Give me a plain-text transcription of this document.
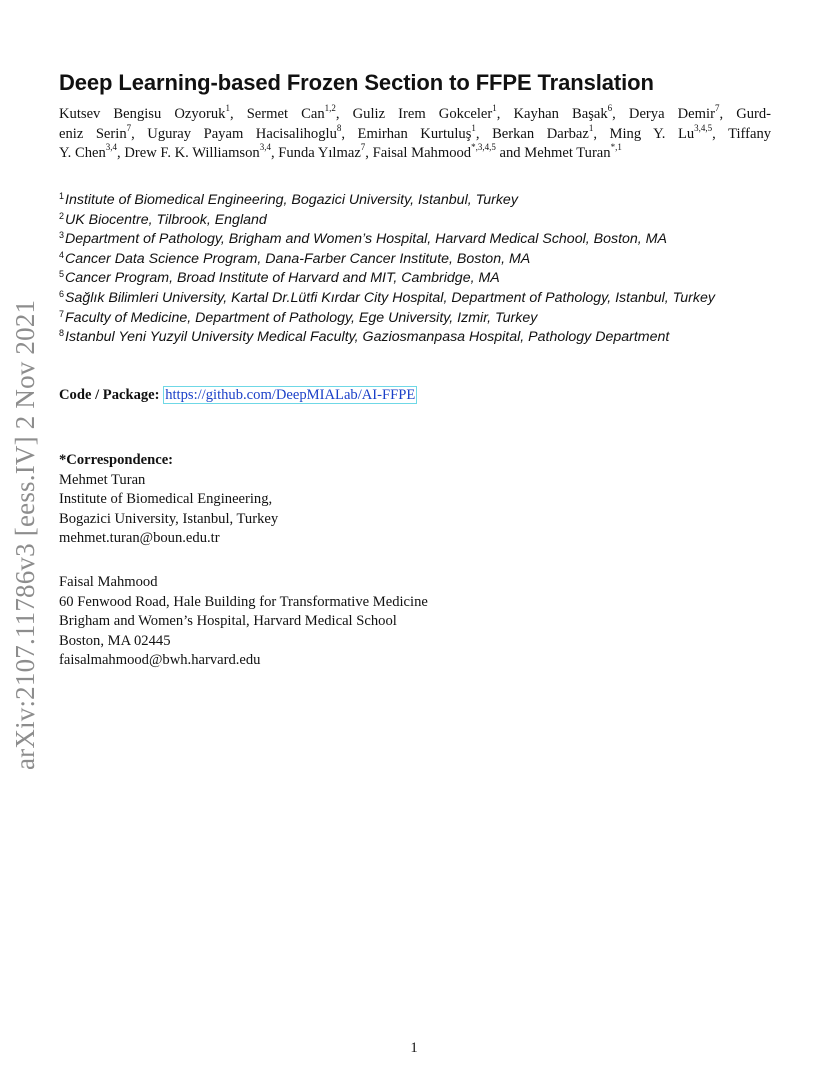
Deep Learning-based Frozen Section to FFPE Translation
Kutsev Bengisu Ozyoruk$^1$, Sermet Can$^{1,2}$, Guliz Irem Gokceler$^1$, Kayhan Başak$^6$, Derya Demir$^7$, Gurd-
eniz Serin$^7$, Uguray Payam Hacisalihoglu$^8$, Emirhan Kurtuluş$^1$, Berkan Darbaz$^1$, Ming Y. Lu$^{3,4,5}$, Tiffany
Y. Chen$^{3,4}$, Drew F. K. Williamson$^{3,4}$, Funda Yılmaz$^7$, Faisal Mahmood$^{*,3,4,5}$ and Mehmet Turan$^{*,1}$
$^1$Institute of Biomedical Engineering, Bogazici University, Istanbul, Turkey
$^2$UK Biocentre, Tilbrook, England
$^3$Department of Pathology, Brigham and Women’s Hospital, Harvard Medical School, Boston, MA
$^4$Cancer Data Science Program, Dana-Farber Cancer Institute, Boston, MA
$^5$Cancer Program, Broad Institute of Harvard and MIT, Cambridge, MA
$^6$Sağlık Bilimleri University, Kartal Dr.Lütfi Kırdar City Hospital, Department of Pathology, Istanbul, Turkey
$^7$Faculty of Medicine, Department of Pathology, Ege University, Izmir, Turkey
$^8$Istanbul Yeni Yuzyil University Medical Faculty, Gaziosmanpasa Hospital, Pathology Department
Code / Package: https://github.com/DeepMIALab/AI-FFPE
*Correspondence:
Mehmet Turan
Institute of Biomedical Engineering,
Bogazici University, Istanbul, Turkey
mehmet.turan@boun.edu.tr
Faisal Mahmood
60 Fenwood Road, Hale Building for Transformative Medicine
Brigham and Women’s Hospital, Harvard Medical School
Boston, MA 02445
faisalmahmood@bwh.harvard.edu
arXiv:2107.11786v3 [eess.IV] 2 Nov 2021
1
